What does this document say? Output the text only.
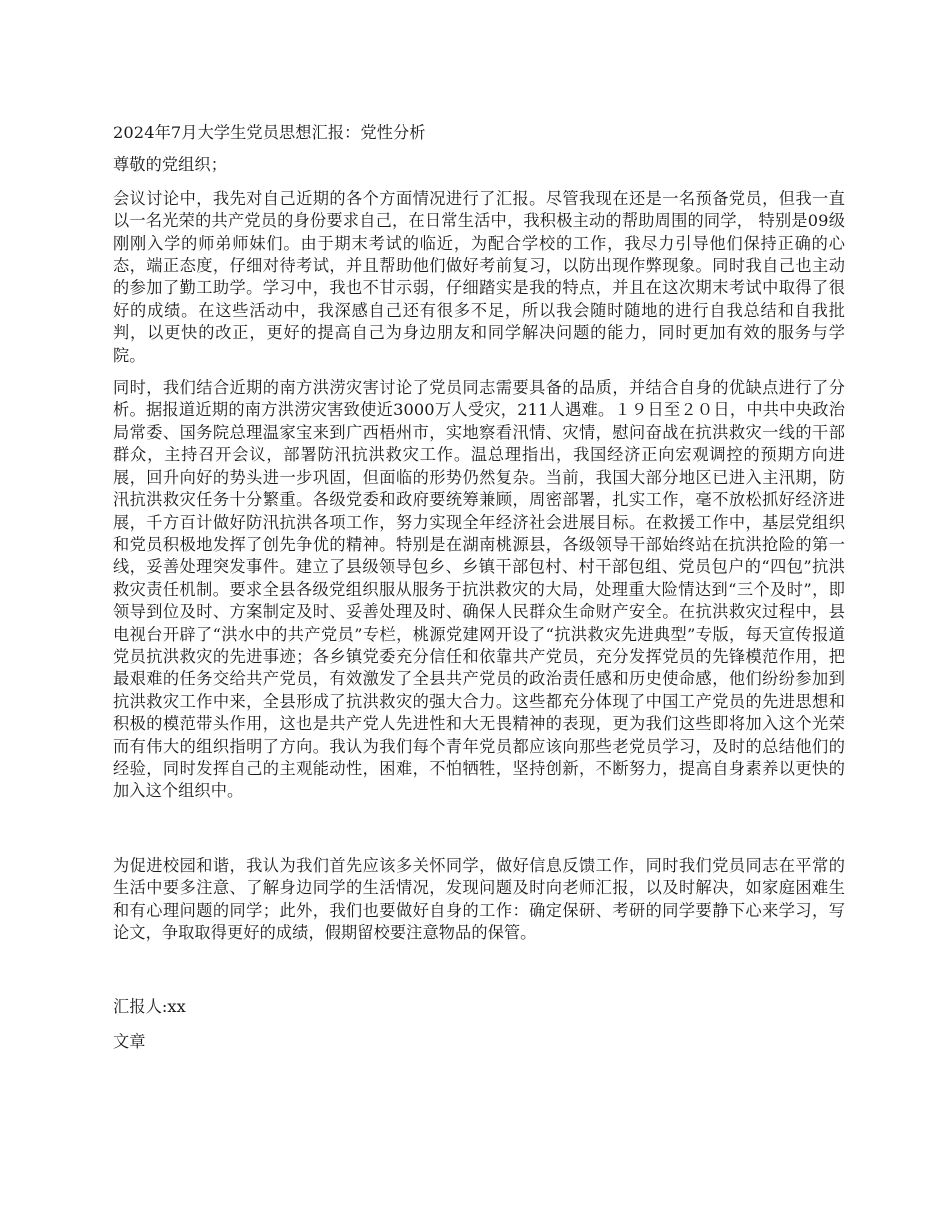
2024年7月大学生党员思想汇报：党性分析

尊敬的党组织；

会议讨论中，我先对自己近期的各个方面情况进行了汇报。尽管我现在还是一名预备党员，但我一直以一名光荣的共产党员的身份要求自己，在日常生活中，我积极主动的帮助周围的同学， 特别是09级刚刚入学的师弟师妹们。由于期末考试的临近，为配合学校的工作，我尽力引导他们保持正确的心态，端正态度，仔细对待考试，并且帮助他们做好考前复习，以防出现作弊现象。同时我自己也主动的参加了勤工助学。学习中，我也不甘示弱，仔细踏实是我的特点，并且在这次期末考试中取得了很好的成绩。在这些活动中，我深感自己还有很多不足，所以我会随时随地的进行自我总结和自我批判，以更快的改正，更好的提高自己为身边朋友和同学解决问题的能力，同时更加有效的服务与学院。

同时，我们结合近期的南方洪涝灾害讨论了党员同志需要具备的品质，并结合自身的优缺点进行了分析。据报道近期的南方洪涝灾害致使近3000万人受灾，211人遇难。１９日至２０日，中共中央政治局常委、国务院总理温家宝来到广西梧州市，实地察看汛情、灾情，慰问奋战在抗洪救灾一线的干部群众，主持召开会议，部署防汛抗洪救灾工作。温总理指出，我国经济正向宏观调控的预期方向进展，回升向好的势头进一步巩固，但面临的形势仍然复杂。当前，我国大部分地区已进入主汛期，防汛抗洪救灾任务十分繁重。各级党委和政府要统筹兼顾，周密部署，扎实工作，毫不放松抓好经济进展，千方百计做好防汛抗洪各项工作，努力实现全年经济社会进展目标。在救援工作中，基层党组织和党员积极地发挥了创先争优的精神。特别是在湖南桃源县，各级领导干部始终站在抗洪抢险的第一线，妥善处理突发事件。建立了县级领导包乡、乡镇干部包村、村干部包组、党员包户的“四包”抗洪救灾责任机制。要求全县各级党组织服从服务于抗洪救灾的大局，处理重大险情达到“三个及时”，即领导到位及时、方案制定及时、妥善处理及时、确保人民群众生命财产安全。在抗洪救灾过程中，县电视台开辟了“洪水中的共产党员”专栏，桃源党建网开设了“抗洪救灾先进典型”专版，每天宣传报道党员抗洪救灾的先进事迹；各乡镇党委充分信任和依靠共产党员，充分发挥党员的先锋模范作用，把最艰难的任务交给共产党员，有效激发了全县共产党员的政治责任感和历史使命感，他们纷纷参加到抗洪救灾工作中来，全县形成了抗洪救灾的强大合力。这些都充分体现了中国工产党员的先进思想和积极的模范带头作用，这也是共产党人先进性和大无畏精神的表现，更为我们这些即将加入这个光荣而有伟大的组织指明了方向。我认为我们每个青年党员都应该向那些老党员学习，及时的总结他们的经验，同时发挥自己的主观能动性，困难，不怕牺牲，坚持创新，不断努力，提高自身素养以更快的加入这个组织中。

为促进校园和谐，我认为我们首先应该多关怀同学，做好信息反馈工作，同时我们党员同志在平常的生活中要多注意、了解身边同学的生活情况，发现问题及时向老师汇报，以及时解决，如家庭困难生和有心理问题的同学；此外，我们也要做好自身的工作：确定保研、考研的同学要静下心来学习，写论文，争取取得更好的成绩，假期留校要注意物品的保管。

汇报人:xx

文章
